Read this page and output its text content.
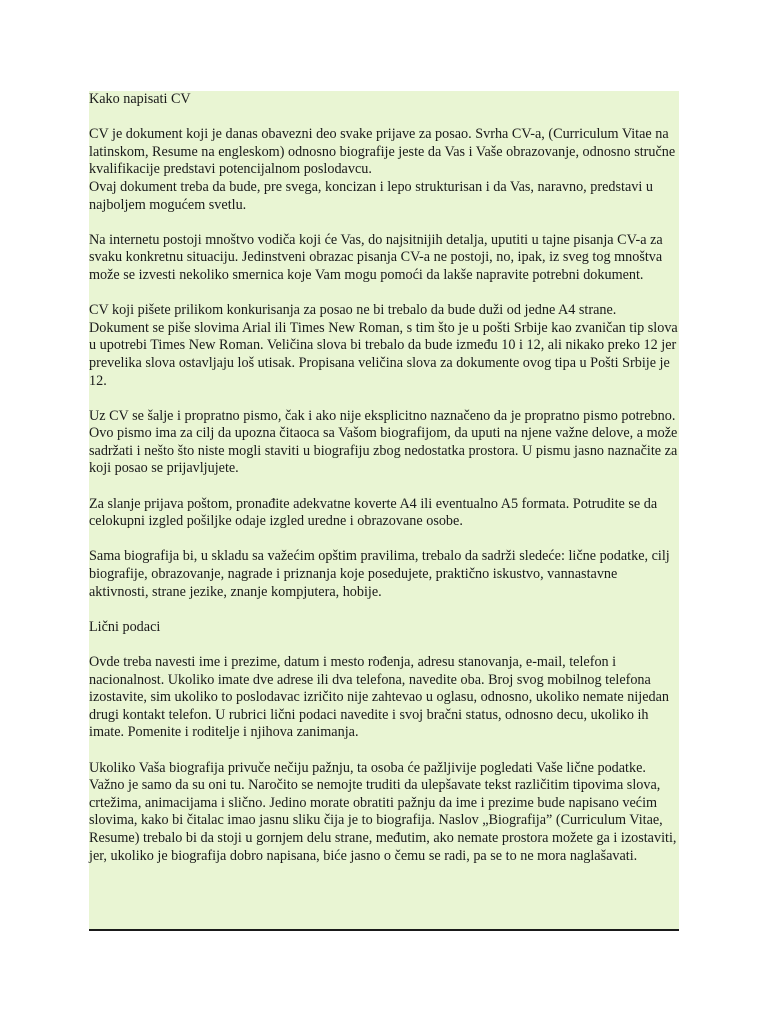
Kako napisati CV

CV je dokument koji je danas obavezni deo svake prijave za posao. Svrha CV-a, (Curriculum Vitae na latinskom, Resume na engleskom) odnosno biografije jeste da Vas i Vaše obrazovanje, odnosno stručne kvalifikacije predstavi potencijalnom poslodavcu.

Ovaj dokument treba da bude, pre svega, koncizan i lepo strukturisan i da Vas, naravno, predstavi u najboljem mogućem svetlu.

Na internetu postoji mnoštvo vodiča koji će Vas, do najsitnijih detalja, uputiti u tajne pisanja CV-a za svaku konkretnu situaciju. Jedinstveni obrazac pisanja CV-a ne postoji, no, ipak, iz sveg tog mnoštva može se izvesti nekoliko smernica koje Vam mogu pomoći da lakše napravite potrebni dokument.

CV koji pišete prilikom konkurisanja za posao ne bi trebalo da bude duži od jedne A4 strane. Dokument se piše slovima Arial ili Times New Roman, s tim što je u pošti Srbije kao zvaničan tip slova u upotrebi Times New Roman. Veličina slova bi trebalo da bude između 10 i 12, ali nikako preko 12 jer prevelika slova ostavljaju loš utisak. Propisana veličina slova za dokumente ovog tipa u Pošti Srbije je 12.

Uz CV se šalje i propratno pismo, čak i ako nije eksplicitno naznačeno da je propratno pismo potrebno. Ovo pismo ima za cilj da upozna čitaoca sa Vašom biografijom, da uputi na njene važne delove, a može sadržati i nešto što niste mogli staviti u biografiju zbog nedostatka prostora. U pismu jasno naznačite za koji posao se prijavljujete.

Za slanje prijava poštom, pronađite adekvatne koverte A4 ili eventualno A5 formata. Potrudite se da celokupni izgled pošiljke odaje izgled uredne i obrazovane osobe.

Sama biografija bi, u skladu sa važećim opštim pravilima, trebalo da sadrži sledeće: lične podatke, cilj biografije, obrazovanje, nagrade i priznanja koje posedujete, praktično iskustvo, vannastavne aktivnosti, strane jezike, znanje kompjutera, hobije.

Lični podaci

Ovde treba navesti ime i prezime, datum i mesto rođenja, adresu stanovanja, e-mail, telefon i nacionalnost. Ukoliko imate dve adrese ili dva telefona, navedite oba. Broj svog mobilnog telefona izostavite, sim ukoliko to poslodavac izričito nije zahtevao u oglasu, odnosno, ukoliko nemate nijedan drugi kontakt telefon. U rubrici lični podaci navedite i svoj bračni status, odnosno decu, ukoliko ih imate. Pomenite i roditelje i njihova zanimanja.

Ukoliko Vaša biografija privuče nečiju pažnju, ta osoba će pažljivije pogledati Vaše lične podatke. Važno je samo da su oni tu. Naročito se nemojte truditi da ulepšavate tekst različitim tipovima slova, crtežima, animacijama i slično. Jedino morate obratiti pažnju da ime i prezime bude napisano većim slovima, kako bi čitalac imao jasnu sliku čija je to biografija. Naslov „Biografija” (Curriculum Vitae, Resume) trebalo bi da stoji u gornjem delu strane, međutim, ako nemate prostora možete ga i izostaviti, jer, ukoliko je biografija dobro napisana, biće jasno o čemu se radi, pa se to ne mora naglašavati.
